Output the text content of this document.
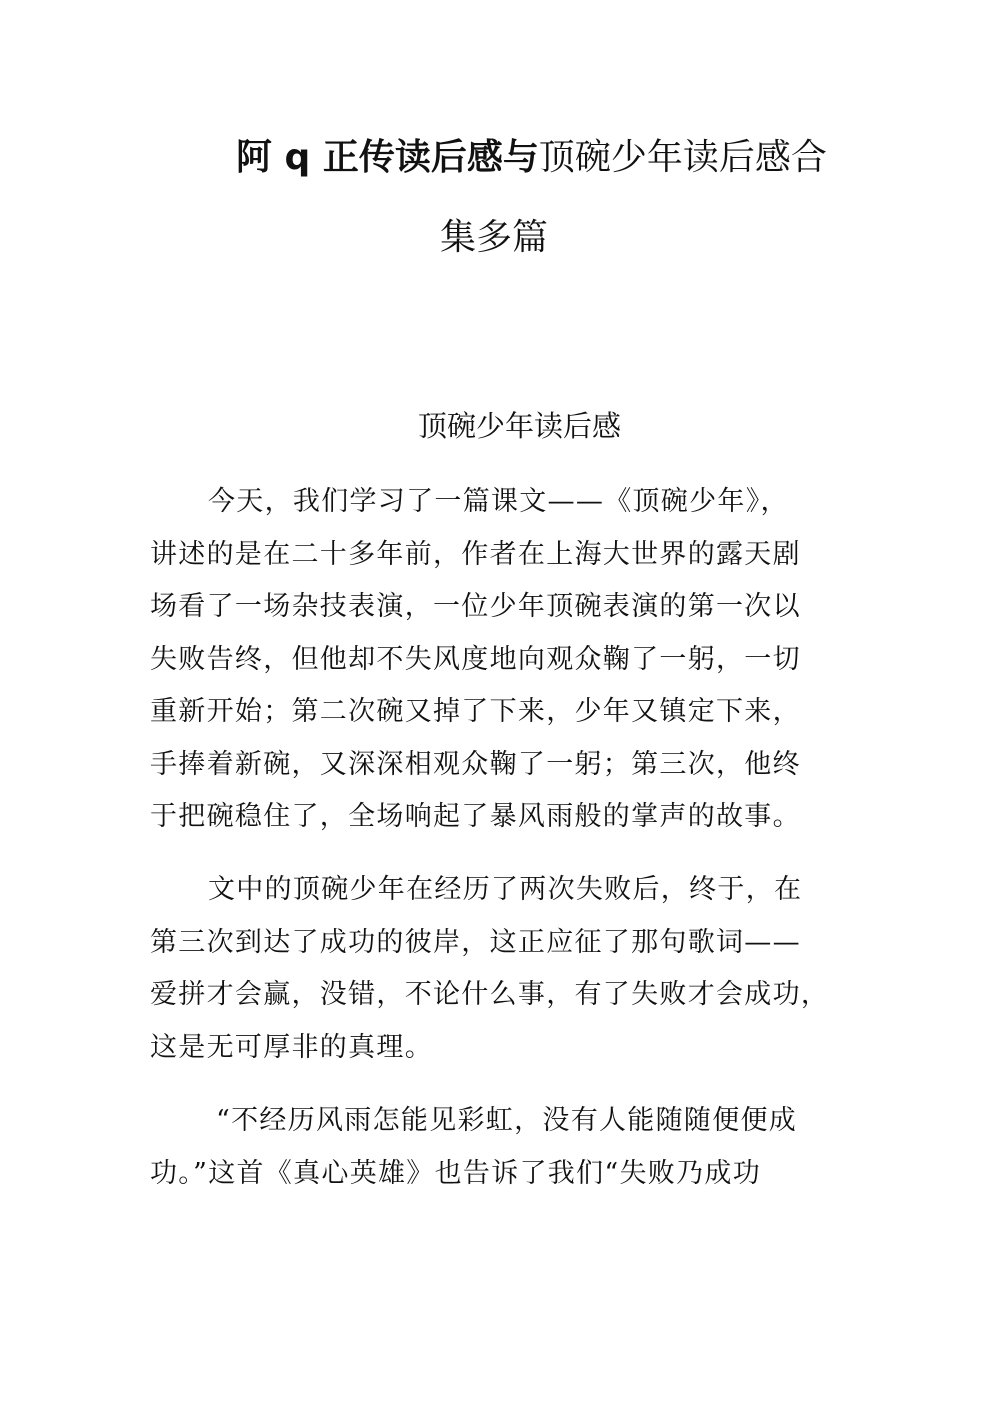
阿 q 正传读后感与顶碗少年读后感合
集多篇
顶碗少年读后感
今天，我们学习了一篇课文——《顶碗少年》，
讲述的是在二十多年前，作者在上海大世界的露天剧
场看了一场杂技表演，一位少年顶碗表演的第一次以
失败告终，但他却不失风度地向观众鞠了一躬，一切
重新开始；第二次碗又掉了下来，少年又镇定下来，
手捧着新碗，又深深相观众鞠了一躬；第三次，他终
于把碗稳住了，全场响起了暴风雨般的掌声的故事。
文中的顶碗少年在经历了两次失败后，终于，在
第三次到达了成功的彼岸，这正应征了那句歌词——
爱拼才会赢，没错，不论什么事，有了失败才会成功，
这是无可厚非的真理。
“不经历风雨怎能见彩虹，没有人能随随便便成
功。”这首《真心英雄》也告诉了我们“失败乃成功
